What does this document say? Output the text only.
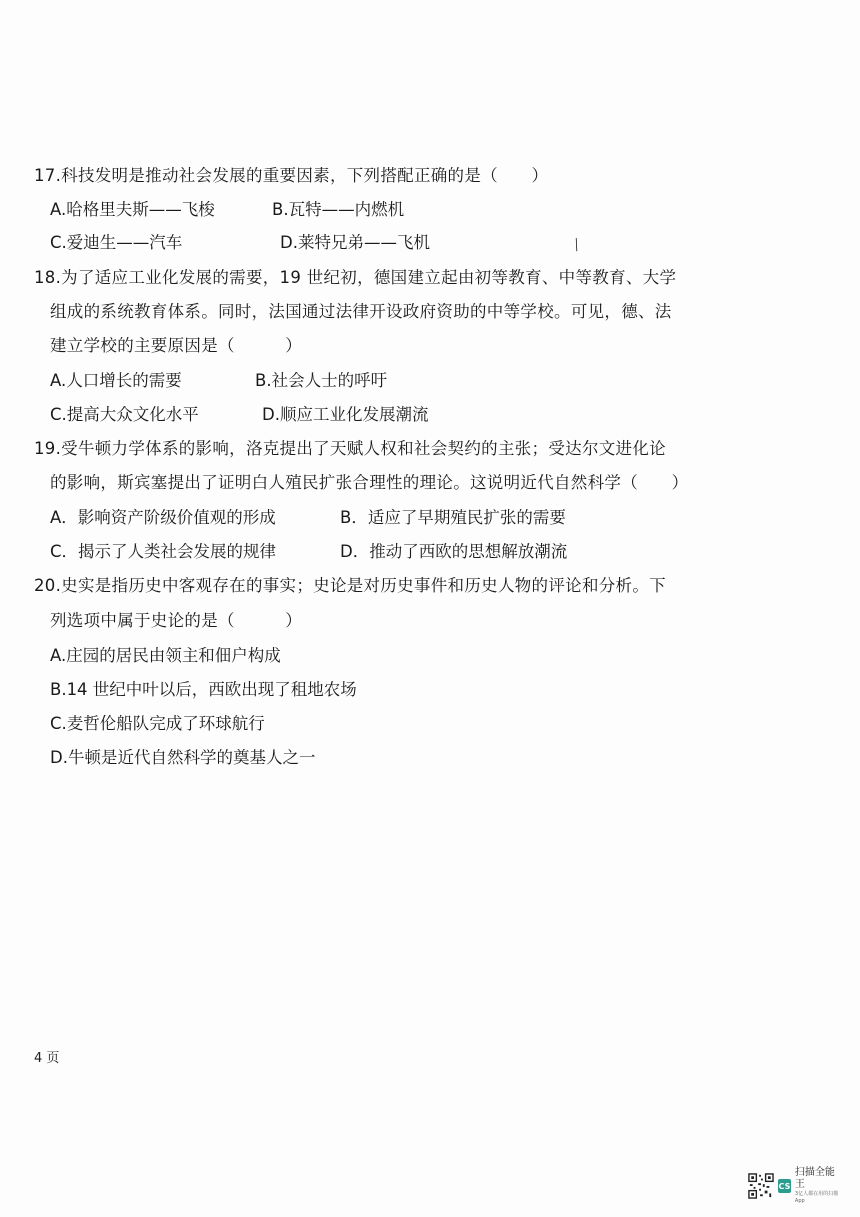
17.科技发明是推动社会发展的重要因素，下列搭配正确的是（　　）
A.哈格里夫斯——飞梭	B.瓦特——内燃机
C.爱迪生——汽车	D.莱特兄弟——飞机
18.为了适应工业化发展的需要，19 世纪初，德国建立起由初等教育、中等教育、大学
组成的系统教育体系。同时，法国通过法律开设政府资助的中等学校。可见，德、法
建立学校的主要原因是（　　　）
A.人口增长的需要	B.社会人士的呼吁
C.提高大众文化水平	D.顺应工业化发展潮流
19.受牛顿力学体系的影响，洛克提出了天赋人权和社会契约的主张；受达尔文进化论
的影响，斯宾塞提出了证明白人殖民扩张合理性的理论。这说明近代自然科学（　　）
A．影响资产阶级价值观的形成	B．适应了早期殖民扩张的需要
C．揭示了人类社会发展的规律	D．推动了西欧的思想解放潮流
20.史实是指历史中客观存在的事实；史论是对历史事件和历史人物的评论和分析。下
列选项中属于史论的是（　　　）
A.庄园的居民由领主和佃户构成
B.14 世纪中叶以后，西欧出现了租地农场
C.麦哲伦船队完成了环球航行
D.牛顿是近代自然科学的奠基人之一
╱
4 页
CS
扫描全能王
3亿人都在用的扫描App
